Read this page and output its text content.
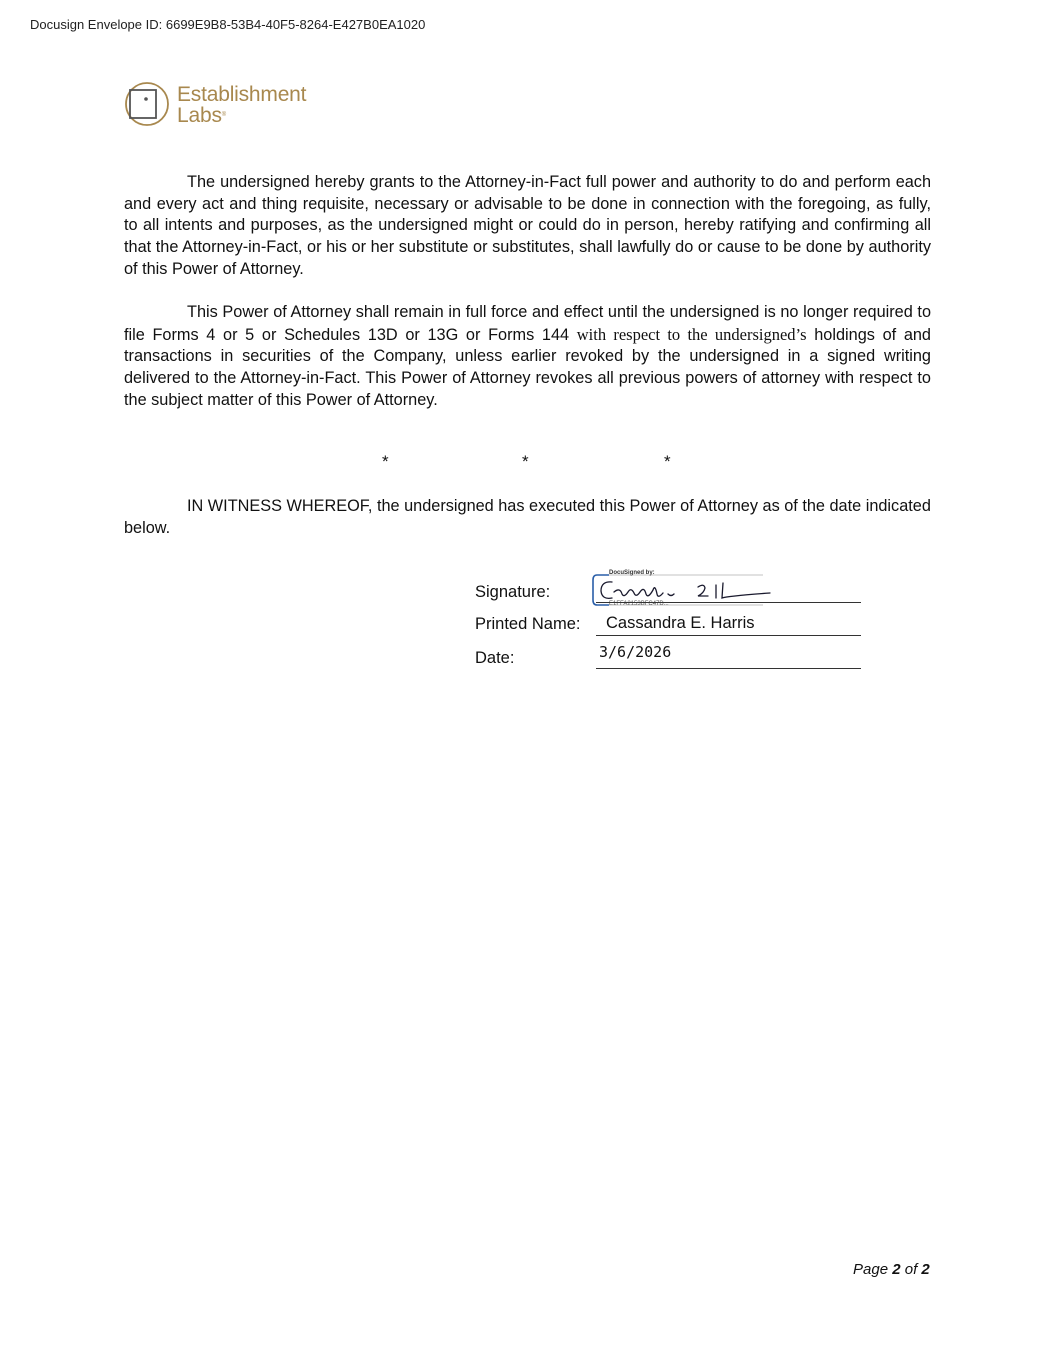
Docusign Envelope ID: 6699E9B8-53B4-40F5-8264-E427B0EA1020
Establishment
Labs®

The undersigned hereby grants to the Attorney-in-Fact full power and authority to do and perform each and every act and thing requisite, necessary or advisable to be done in connection with the foregoing, as fully, to all intents and purposes, as the undersigned might or could do in person, hereby ratifying and confirming all that the Attorney-in-Fact, or his or her substitute or substitutes, shall lawfully do or cause to be done by authority of this Power of Attorney.

This Power of Attorney shall remain in full force and effect until the undersigned is no longer required to file Forms 4 or 5 or Schedules 13D or 13G or Forms 144 with respect to the undersigned’s holdings of and transactions in securities of the Company, unless earlier revoked by the undersigned in a signed writing delivered to the Attorney-in-Fact. This Power of Attorney revokes all previous powers of attorney with respect to the subject matter of this Power of Attorney.

*	*	*

IN WITNESS WHEREOF, the undersigned has executed this Power of Attorney as of the date indicated below.

Signature:
Printed Name:
Date:
DocuSigned by:
E1FFA2153BFC47D...
Cassandra E. Harris
3/6/2026
Page 2 of 2
